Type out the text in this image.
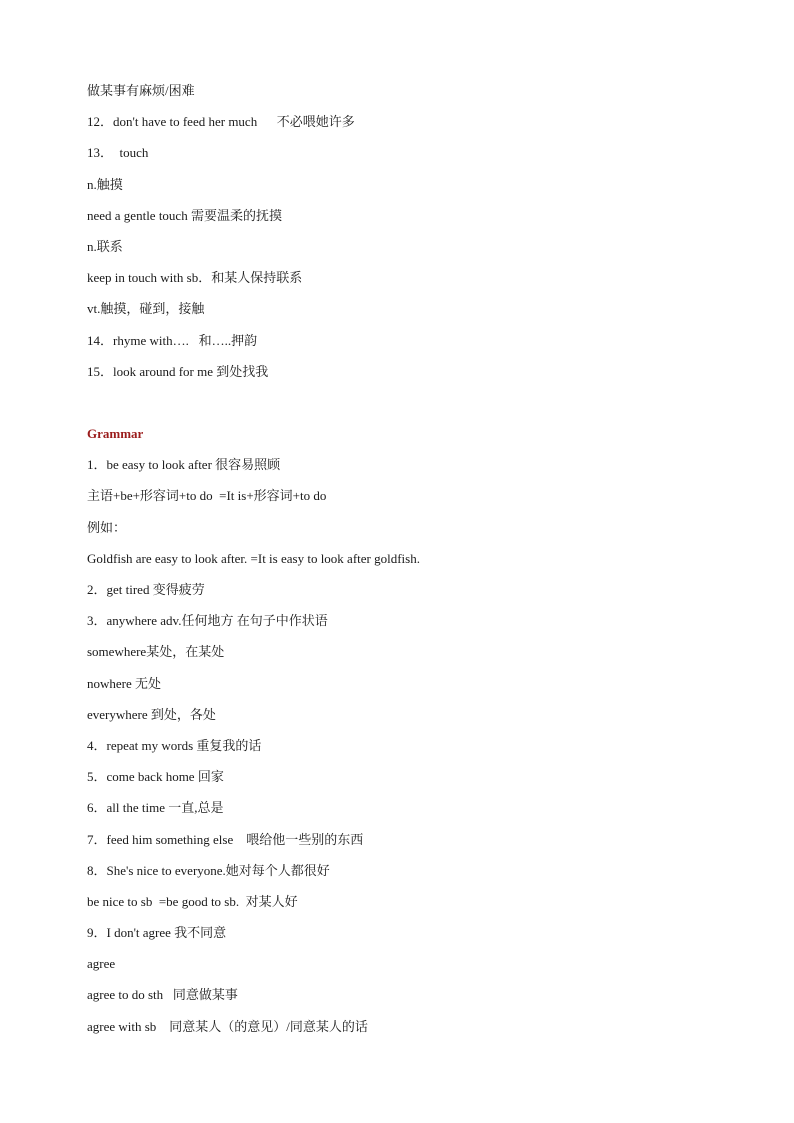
做某事有麻烦/困难
12．don't have to feed her much      不必喂她许多
13．  touch
n.触摸
need a gentle touch 需要温柔的抚摸
n.联系
keep in touch with sb．和某人保持联系
vt.触摸，碰到，接触
14．rhyme with….   和…..押韵
15．look around for me 到处找我
Grammar
1．be easy to look after 很容易照顾
主语+be+形容词+to do  =It is+形容词+to do
例如：
Goldfish are easy to look after. =It is easy to look after goldfish.
2．get tired 变得疲劳
3．anywhere adv.任何地方 在句子中作状语
somewhere某处，在某处
nowhere 无处
everywhere 到处，各处
4．repeat my words 重复我的话
5．come back home 回家
6．all the time 一直,总是
7．feed him something else    喂给他一些别的东西
8．She's nice to everyone.她对每个人都很好
be nice to sb  =be good to sb.  对某人好
9．I don't agree 我不同意
agree
agree to do sth   同意做某事
agree with sb    同意某人（的意见）/同意某人的话
